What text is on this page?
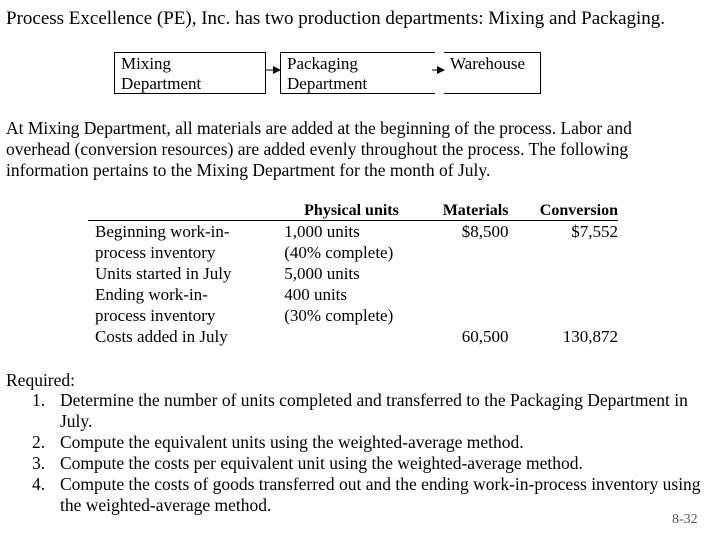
Process Excellence (PE), Inc. has two production departments: Mixing and Packaging.
Mixing
Department
Packaging
Department
Warehouse
At Mixing Department, all materials are added at the beginning of the process. Labor and
overhead (conversion resources) are added evenly throughout the process. The following
information pertains to the Mixing Department for the month of July.
	Physical units	Materials	Conversion
Beginning work-in-	1,000 units	$8,500	$7,552
process inventory	(40% complete)		
Units started in July	5,000 units		
Ending work-in-	400 units		
process inventory	(30% complete)		
Costs added in July		60,500	130,872
Required:
1. Determine the number of units completed and transferred to the Packaging Department in July.
2. Compute the equivalent units using the weighted-average method.
3. Compute the costs per equivalent unit using the weighted-average method.
4. Compute the costs of goods transferred out and the ending work-in-process inventory using the weighted-average method.
8-32
